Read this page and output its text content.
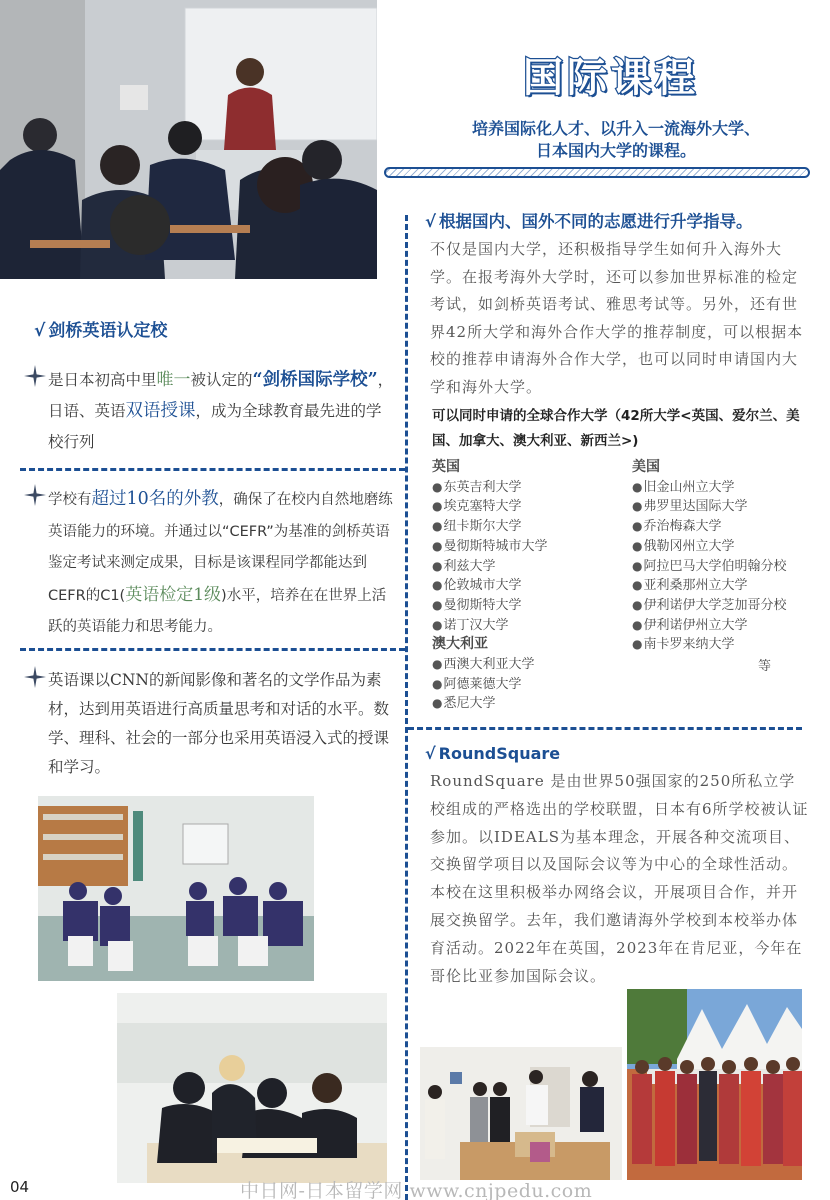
国际课程
培养国际化人才、以升入一流海外大学、
日本国内大学的课程。
√ 剑桥英语认定校
是日本初高中里唯一被认定的“剑桥国际学校”，日语、英语双语授课，成为全球教育最先进的学校行列
学校有超过10名的外教，确保了在校内自然地磨练英语能力的环境。并通过以“CEFR”为基准的剑桥英语鉴定考试来测定成果，目标是该课程同学都能达到CEFR的C1(英语检定1级)水平，培养在在世界上活跃的英语能力和思考能力。
英语课以CNN的新闻影像和著名的文学作品为素材，达到用英语进行高质量思考和对话的水平。数学、理科、社会的一部分也采用英语浸入式的授课和学习。
√ 根据国内、国外不同的志愿进行升学指导。
不仅是国内大学，还积极指导学生如何升入海外大学。在报考海外大学时，还可以参加世界标准的检定考试，如剑桥英语考试、雅思考试等。另外，还有世界42所大学和海外合作大学的推荐制度，可以根据本校的推荐申请海外合作大学，也可以同时申请国内大学和海外大学。
可以同时申请的全球合作大学（42所大学<英国、爱尔兰、美国、加拿大、澳大利亚、新西兰>)
英国
●东英吉利大学
●埃克塞特大学
●纽卡斯尔大学
●曼彻斯特城市大学
●利兹大学
●伦敦城市大学
●曼彻斯特大学
●诺丁汉大学
澳大利亚
●西澳大利亚大学
●阿德莱德大学
●悉尼大学
美国
●旧金山州立大学
●弗罗里达国际大学
●乔治梅森大学
●俄勒冈州立大学
●阿拉巴马大学伯明翰分校
●亚利桑那州立大学
●伊利诺伊大学芝加哥分校
●伊利诺伊州立大学
●南卡罗来纳大学
等
√ RoundSquare
RoundSquare 是由世界50强国家的250所私立学校组成的严格选出的学校联盟，日本有6所学校被认证参加。以IDEALS为基本理念，开展各种交流项目、交换留学项目以及国际会议等为中心的全球性活动。本校在这里积极举办网络会议，开展项目合作，并开展交换留学。去年，我们邀请海外学校到本校举办体育活动。2022年在英国，2023年在肯尼亚，今年在哥伦比亚参加国际会议。
04	中日网-日本留学网 www.cnjpedu.com
